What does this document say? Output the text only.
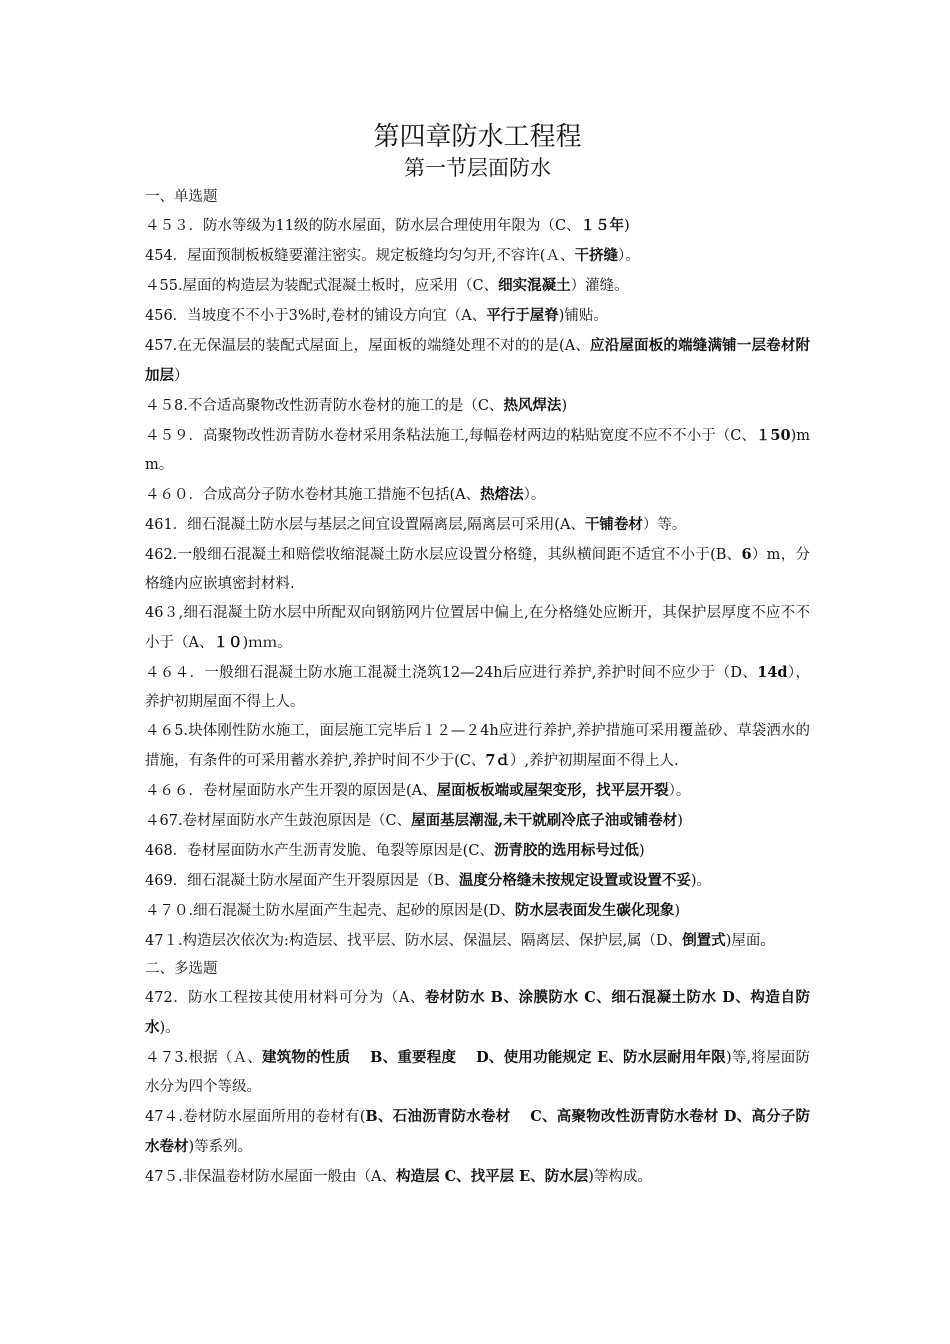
第四章防水工程程
第一节层面防水

一、单选题

４５３．防水等级为11级的防水屋面，防水层合理使用年限为（C、１５年)

454．屋面预制板板缝要灌注密实。规定板缝均匀匀开,不容许(Ａ、干挤缝）。

４55.屋面的构造层为装配式混凝土板时，应采用（C、细实混凝土）灌缝。

456．当坡度不不小于3%时,卷材的铺设方向宜（A、平行于屋脊)铺贴。

457.在无保温层的装配式屋面上，屋面板的端缝处理不对的的是(A、应沿屋面板的端缝满铺一层卷材附加层）

４５8.不合适高聚物改性沥青防水卷材的施工的是（C、热风焊法)

４５９．高聚物改性沥青防水卷材采用条粘法施工,每幅卷材两边的粘贴宽度不应不不小于（C、１50)mm。

４６０．合成高分子防水卷材其施工措施不包括(A、热熔法）。

461．细石混凝土防水层与基层之间宜设置隔离层,隔离层可采用(A、干铺卷材）等。

462.一般细石混凝土和赔偿收缩混凝土防水层应设置分格缝，其纵横间距不适宜不小于(B、6）m，分格缝内应嵌填密封材料.

46３,细石混凝土防水层中所配双向钢筋网片位置居中偏上,在分格缝处应断开，其保护层厚度不应不不小于（A、１０)ｍｍ。

４６４．一般细石混凝土防水施工混凝土浇筑12—24h后应进行养护,养护时间不应少于（D、14d），养护初期屋面不得上人。

４６5.块体刚性防水施工，面层施工完毕后１２—２4h应进行养护,养护措施可采用覆盖砂、草袋洒水的措施，有条件的可采用蓄水养护,养护时间不少于(C、7ｄ）,养护初期屋面不得上人.

４６６．卷材屋面防水产生开裂的原因是(A、屋面板板端或屋架变形，找平层开裂）。

４67.卷材屋面防水产生鼓泡原因是（C、屋面基层潮湿,未干就刷冷底子油或铺卷材)

468．卷材屋面防水产生沥青发脆、龟裂等原因是(C、沥青胶的选用标号过低)

469．细石混凝土防水屋面产生开裂原因是（B、温度分格缝未按规定设置或设置不妥)。

４７０.细石混凝土防水屋面产生起壳、起砂的原因是(D、防水层表面发生碳化现象)

47１.构造层次依次为:构造层、找平层、防水层、保温层、隔离层、保护层,属（D、倒置式)屋面。

二、多选题

472．防水工程按其使用材料可分为（A、卷材防水 B、涂膜防水 C、细石混凝土防水 D、构造自防水)。

４７3.根据（Ａ、建筑物的性质　 B、重要程度　 D、使用功能规定 E、防水层耐用年限)等,将屋面防水分为四个等级。

47４.卷材防水屋面所用的卷材有(B、石油沥青防水卷材　 C、高聚物改性沥青防水卷材 D、高分子防水卷材)等系列。

47５.非保温卷材防水屋面一般由（A、构造层 C、找平层 E、防水层)等构成。
